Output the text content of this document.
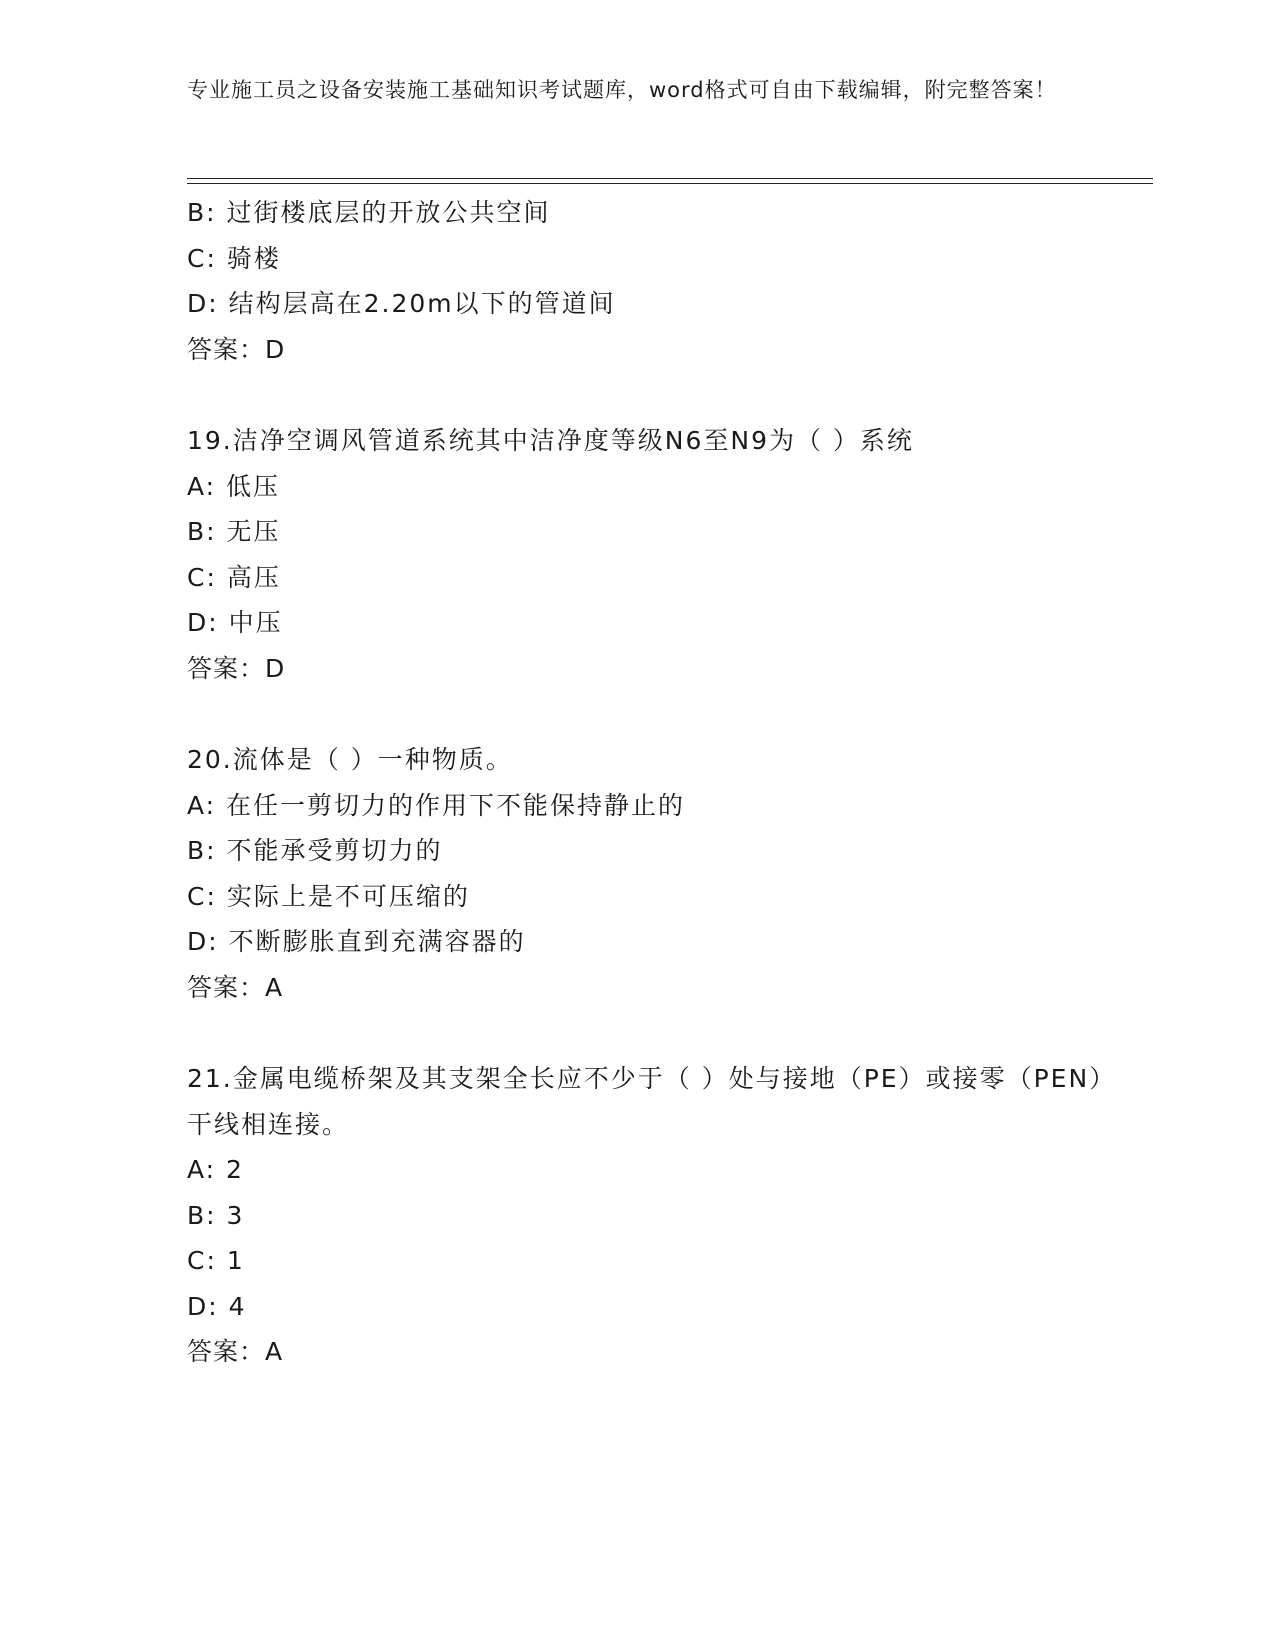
专业施工员之设备安装施工基础知识考试题库，word格式可自由下载编辑，附完整答案！
B: 过街楼底层的开放公共空间
C: 骑楼
D: 结构层高在2.20m以下的管道间
答案：D
19.洁净空调风管道系统其中洁净度等级N6至N9为（ ）系统
A: 低压
B: 无压
C: 高压
D: 中压
答案：D
20.流体是（ ）一种物质。
A: 在任一剪切力的作用下不能保持静止的
B: 不能承受剪切力的
C: 实际上是不可压缩的
D: 不断膨胀直到充满容器的
答案：A
21.金属电缆桥架及其支架全长应不少于（ ）处与接地（PE）或接零（PEN）干线相连接。
A: 2
B: 3
C: 1
D: 4
答案：A
